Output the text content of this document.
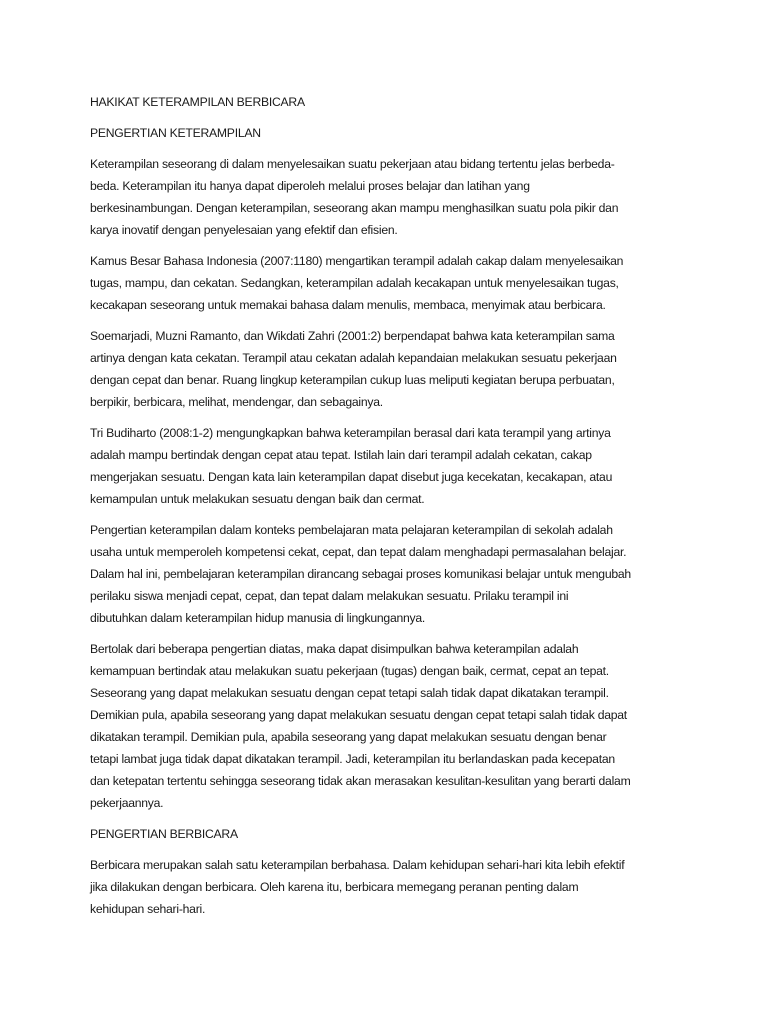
HAKIKAT KETERAMPILAN BERBICARA
PENGERTIAN KETERAMPILAN
Keterampilan seseorang di dalam menyelesaikan suatu pekerjaan atau bidang tertentu jelas berbeda-
beda. Keterampilan itu hanya dapat diperoleh melalui proses belajar dan latihan yang
berkesinambungan. Dengan keterampilan, seseorang akan mampu menghasilkan suatu pola pikir dan
karya inovatif dengan penyelesaian yang efektif dan efisien.
Kamus Besar Bahasa Indonesia (2007:1180) mengartikan terampil adalah cakap dalam menyelesaikan
tugas, mampu, dan cekatan. Sedangkan, keterampilan adalah kecakapan untuk menyelesaikan tugas,
kecakapan seseorang untuk memakai bahasa dalam menulis, membaca, menyimak atau berbicara.
Soemarjadi, Muzni Ramanto, dan Wikdati Zahri (2001:2) berpendapat bahwa kata keterampilan sama
artinya dengan kata cekatan. Terampil atau cekatan adalah kepandaian melakukan sesuatu pekerjaan
dengan cepat dan benar. Ruang lingkup keterampilan cukup luas meliputi kegiatan berupa perbuatan,
berpikir, berbicara, melihat, mendengar, dan sebagainya.
Tri Budiharto (2008:1-2) mengungkapkan bahwa keterampilan berasal dari kata terampil yang artinya
adalah mampu bertindak dengan cepat atau tepat. Istilah lain dari terampil adalah cekatan, cakap
mengerjakan sesuatu. Dengan kata lain keterampilan dapat disebut juga kecekatan, kecakapan, atau
kemampulan untuk melakukan sesuatu dengan baik dan cermat.
Pengertian keterampilan dalam konteks pembelajaran mata pelajaran keterampilan di sekolah adalah
usaha untuk memperoleh kompetensi cekat, cepat, dan tepat dalam menghadapi permasalahan belajar.
Dalam hal ini, pembelajaran keterampilan dirancang sebagai proses komunikasi belajar untuk mengubah
perilaku siswa menjadi cepat, cepat, dan tepat dalam melakukan sesuatu. Prilaku terampil ini
dibutuhkan dalam keterampilan hidup manusia di lingkungannya.
Bertolak dari beberapa pengertian diatas, maka dapat disimpulkan bahwa keterampilan adalah
kemampuan bertindak atau melakukan suatu pekerjaan (tugas) dengan baik, cermat, cepat an tepat.
Seseorang yang dapat melakukan sesuatu dengan cepat tetapi salah tidak dapat dikatakan terampil.
Demikian pula, apabila seseorang yang dapat melakukan sesuatu dengan cepat tetapi salah tidak dapat
dikatakan terampil. Demikian pula, apabila seseorang yang dapat melakukan sesuatu dengan benar
tetapi lambat juga tidak dapat dikatakan terampil. Jadi, keterampilan itu berlandaskan pada kecepatan
dan ketepatan tertentu sehingga seseorang tidak akan merasakan kesulitan-kesulitan yang berarti dalam
pekerjaannya.
PENGERTIAN BERBICARA
Berbicara merupakan salah satu keterampilan berbahasa. Dalam kehidupan sehari-hari kita lebih efektif
jika dilakukan dengan berbicara. Oleh karena itu, berbicara memegang peranan penting dalam
kehidupan sehari-hari.
